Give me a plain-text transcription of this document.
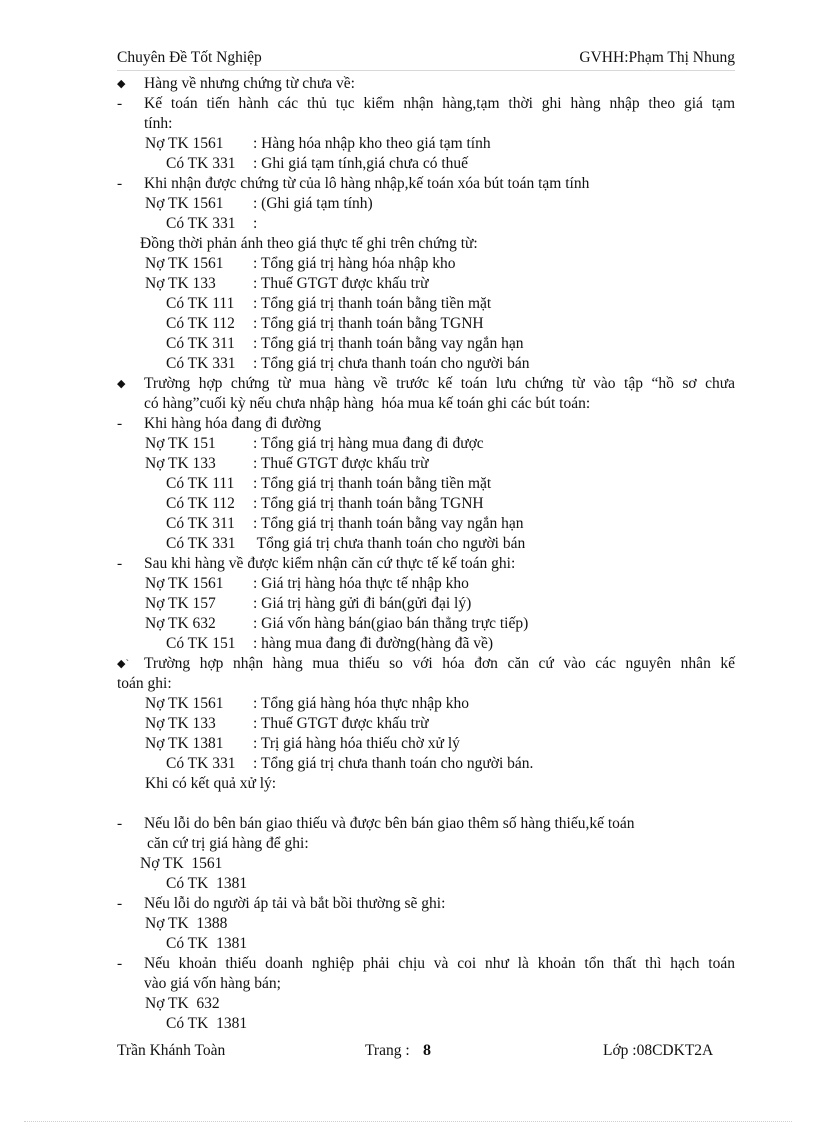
Chuyên Đề Tốt Nghiệp	GVHH:Phạm Thị Nhung
◆ Hàng về nhưng chứng từ chưa về:
- Kế toán tiến hành các thủ tục kiểm nhận hàng,tạm thời ghi hàng nhập theo giá tạm
tính:
Nợ TK 1561 : Hàng hóa nhập kho theo giá tạm tính
Có TK 331 : Ghi giá tạm tính,giá chưa có thuế
- Khi nhận được chứng từ của lô hàng nhập,kế toán xóa bút toán tạm tính
Nợ TK 1561 : (Ghi giá tạm tính)
Có TK 331 :
Đồng thời phản ánh theo giá thực tế ghi trên chứng từ:
Nợ TK 1561 : Tổng giá trị hàng hóa nhập kho
Nợ TK 133 : Thuế GTGT được khấu trừ
Có TK 111 : Tổng giá trị thanh toán bằng tiền mặt
Có TK 112 : Tổng giá trị thanh toán bằng TGNH
Có TK 311 : Tổng giá trị thanh toán bằng vay ngắn hạn
Có TK 331 : Tổng giá trị chưa thanh toán cho người bán
◆ Trường hợp chứng từ mua hàng về trước kế toán lưu chứng từ vào tập “hồ sơ chưa
có hàng”cuối kỳ nếu chưa nhập hàng  hóa mua kế toán ghi các bút toán:
- Khi hàng hóa đang đi đường
Nợ TK 151 : Tổng giá trị hàng mua đang đi được
Nợ TK 133 : Thuế GTGT được khấu trừ
Có TK 111 : Tổng giá trị thanh toán bằng tiền mặt
Có TK 112 : Tổng giá trị thanh toán bằng TGNH
Có TK 311 : Tổng giá trị thanh toán bằng vay ngắn hạn
Có TK 331 Tổng giá trị chưa thanh toán cho người bán
- Sau khi hàng về được kiểm nhận căn cứ thực tế kế toán ghi:
Nợ TK 1561 : Giá trị hàng hóa thực tế nhập kho
Nợ TK 157 : Giá trị hàng gửi đi bán(gửi đại lý)
Nợ TK 632 : Giá vốn hàng bán(giao bán thẳng trực tiếp)
Có TK 151 : hàng mua đang đi đường(hàng đã về)
◆` Trường hợp nhận hàng mua thiếu so với hóa đơn căn cứ vào các nguyên nhân kế
toán ghi:
Nợ TK 1561 : Tổng giá hàng hóa thực nhập kho
Nợ TK 133 : Thuế GTGT được khấu trừ
Nợ TK 1381 : Trị giá hàng hóa thiếu chờ xử lý
Có TK 331 : Tổng giá trị chưa thanh toán cho người bán.
Khi có kết quả xử lý:
- Nếu lỗi do bên bán giao thiếu và được bên bán giao thêm số hàng thiếu,kế toán
căn cứ trị giá hàng để ghi:
Nợ TK  1561
Có TK  1381
- Nếu lỗi do người áp tải và bắt bồi thường sẽ ghi:
Nợ TK  1388
Có TK  1381
- Nếu khoản thiếu doanh nghiệp phải chịu và coi như là khoản tổn thất thì hạch toán
vào giá vốn hàng bán;
Nợ TK  632
Có TK  1381
Trần Khánh Toàn	Trang : 8	Lớp :08CDKT2A
